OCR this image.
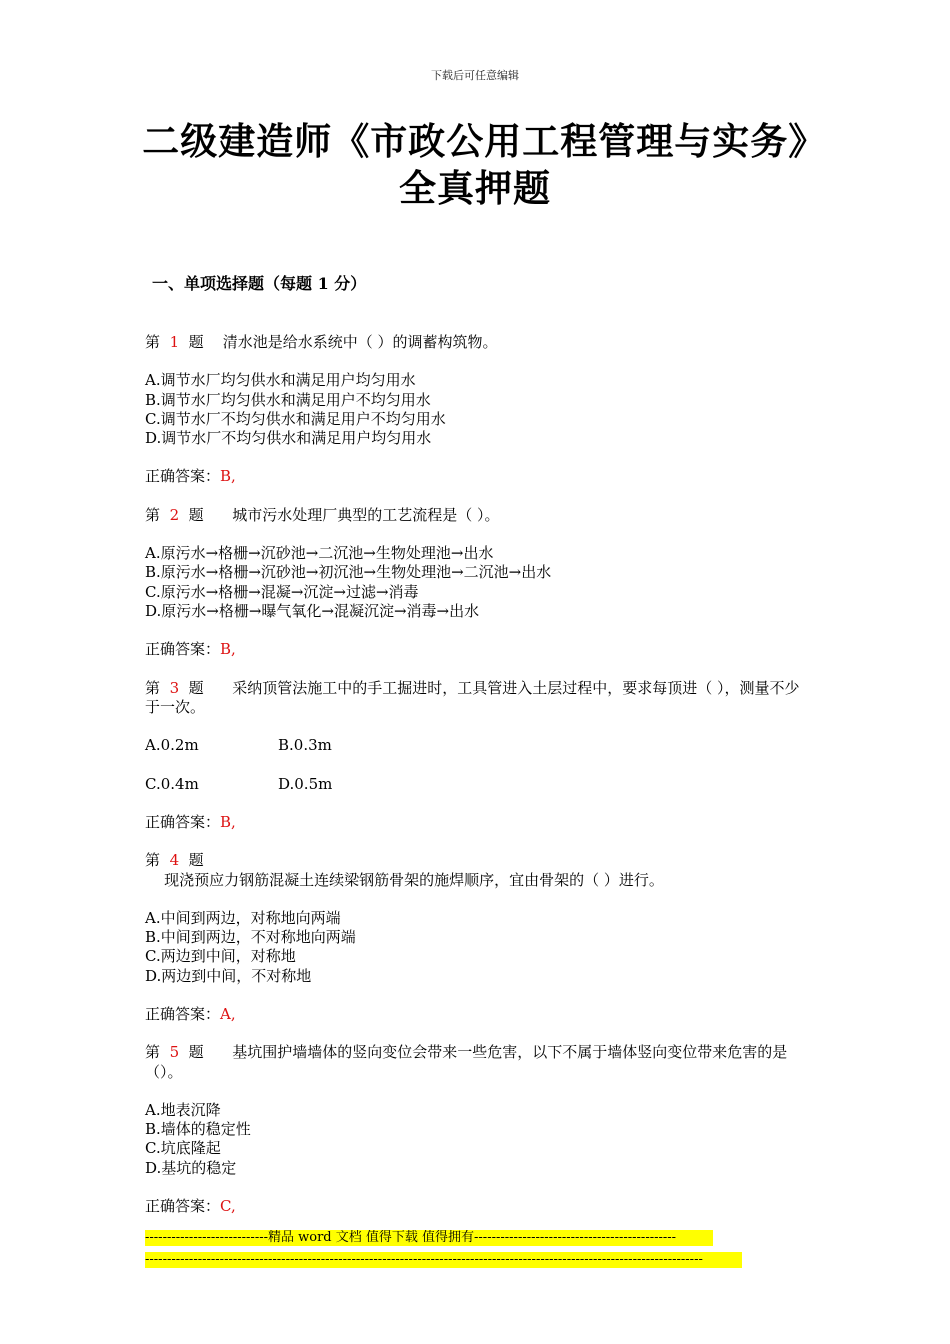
下载后可任意编辑
二级建造师《市政公用工程管理与实务》全真押题
一、单项选择题（每题 1 分）
第 1 题 清水池是给水系统中（ ）的调蓄构筑物。
A.调节水厂均匀供水和满足用户均匀用水
B.调节水厂均匀供水和满足用户不均匀用水
C.调节水厂不均匀供水和满足用户不均匀用水
D.调节水厂不均匀供水和满足用户均匀用水
正确答案：B,
第 2 题 城市污水处理厂典型的工艺流程是（ ）。
A.原污水→格栅→沉砂池→二沉池→生物处理池→出水
B.原污水→格栅→沉砂池→初沉池→生物处理池→二沉池→出水
C.原污水→格栅→混凝→沉淀→过滤→消毒
D.原污水→格栅→曝气氧化→混凝沉淀→消毒→出水
正确答案：B,
第 3 题 采纳顶管法施工中的手工掘进时，工具管进入土层过程中，要求每顶进（ ），测量不少于一次。
A.0.2m	B.0.3m
C.0.4m	D.0.5m
正确答案：B,
第 4 题
现浇预应力钢筋混凝土连续梁钢筋骨架的施焊顺序，宜由骨架的（ ）进行。
A.中间到两边，对称地向两端
B.中间到两边，不对称地向两端
C.两边到中间，对称地
D.两边到中间，不对称地
正确答案：A,
第 5 题 基坑围护墙墙体的竖向变位会带来一些危害，以下不属于墙体竖向变位带来危害的是（）。
A.地表沉降
B.墙体的稳定性
C.坑底隆起
D.基坑的稳定
正确答案：C,
----------------------------精品 word 文档 值得下载 值得拥有----------------------------------------------
-------------------------------------------------------------------------------------------------------------------------------
